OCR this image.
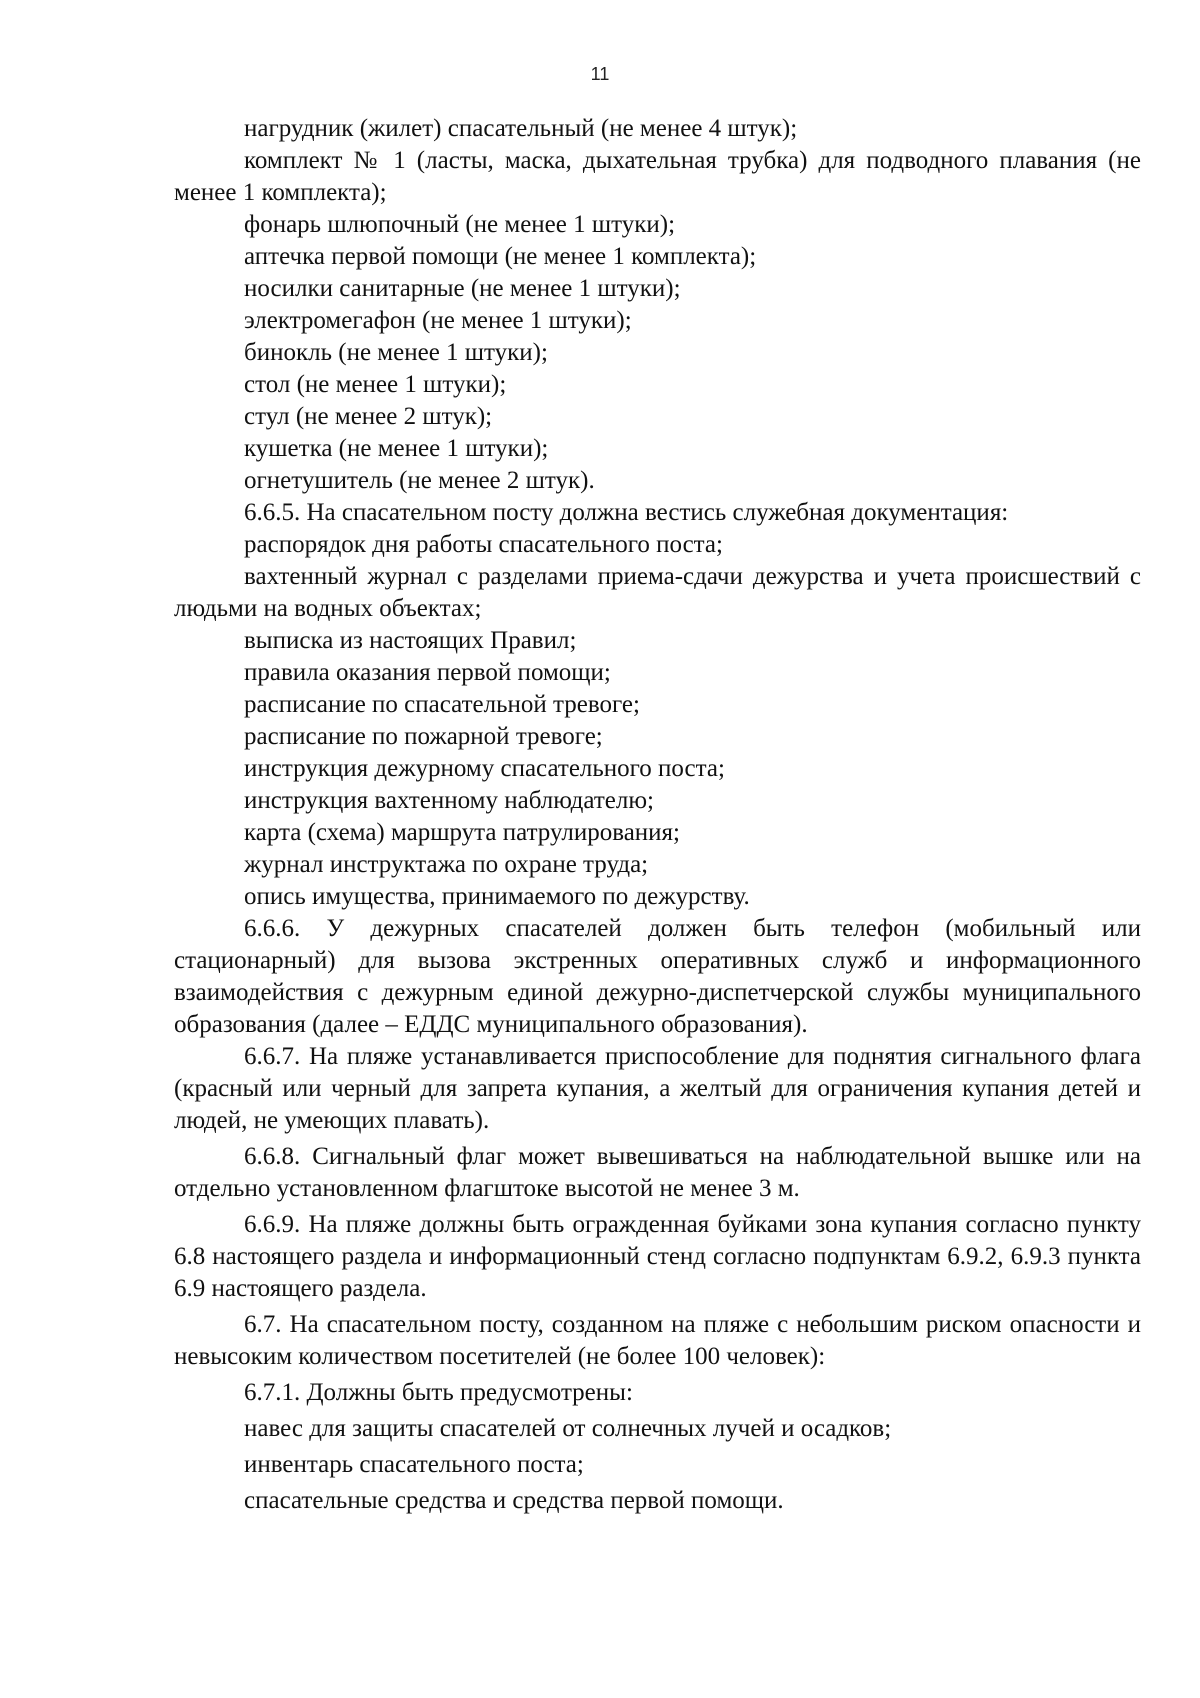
11

нагрудник (жилет) спасательный (не менее 4 штук);

комплект № 1 (ласты, маска, дыхательная трубка) для подводного плавания (не менее 1 комплекта);

фонарь шлюпочный (не менее 1 штуки);

аптечка первой помощи (не менее 1 комплекта);

носилки санитарные (не менее 1 штуки);

электромегафон (не менее 1 штуки);

бинокль (не менее 1 штуки);

стол (не менее 1 штуки);

стул (не менее 2 штук);

кушетка (не менее 1 штуки);

огнетушитель (не менее 2 штук).

6.6.5. На спасательном посту должна вестись служебная документация:

распорядок дня работы спасательного поста;

вахтенный журнал с разделами приема-сдачи дежурства и учета происшествий с людьми на водных объектах;

выписка из настоящих Правил;

правила оказания первой помощи;

расписание по спасательной тревоге;

расписание по пожарной тревоге;

инструкция дежурному спасательного поста;

инструкция вахтенному наблюдателю;

карта (схема) маршрута патрулирования;

журнал инструктажа по охране труда;

опись имущества, принимаемого по дежурству.

6.6.6. У дежурных спасателей должен быть телефон (мобильный или стационарный) для вызова экстренных оперативных служб и информационного взаимодействия с дежурным единой дежурно-диспетчерской службы муниципального образования (далее – ЕДДС муниципального образования).

6.6.7. На пляже устанавливается приспособление для поднятия сигнального флага (красный или черный для запрета купания, а желтый для ограничения купания детей и людей, не умеющих плавать).

6.6.8. Сигнальный флаг может вывешиваться на наблюдательной вышке или на отдельно установленном флагштоке высотой не менее 3 м.

6.6.9. На пляже должны быть огражденная буйками зона купания согласно пункту 6.8 настоящего раздела и информационный стенд согласно подпунктам 6.9.2, 6.9.3 пункта 6.9 настоящего раздела.

6.7. На спасательном посту, созданном на пляже с небольшим риском опасности и невысоким количеством посетителей (не более 100 человек):

6.7.1. Должны быть предусмотрены:

навес для защиты спасателей от солнечных лучей и осадков;

инвентарь спасательного поста;

спасательные средства и средства первой помощи.
